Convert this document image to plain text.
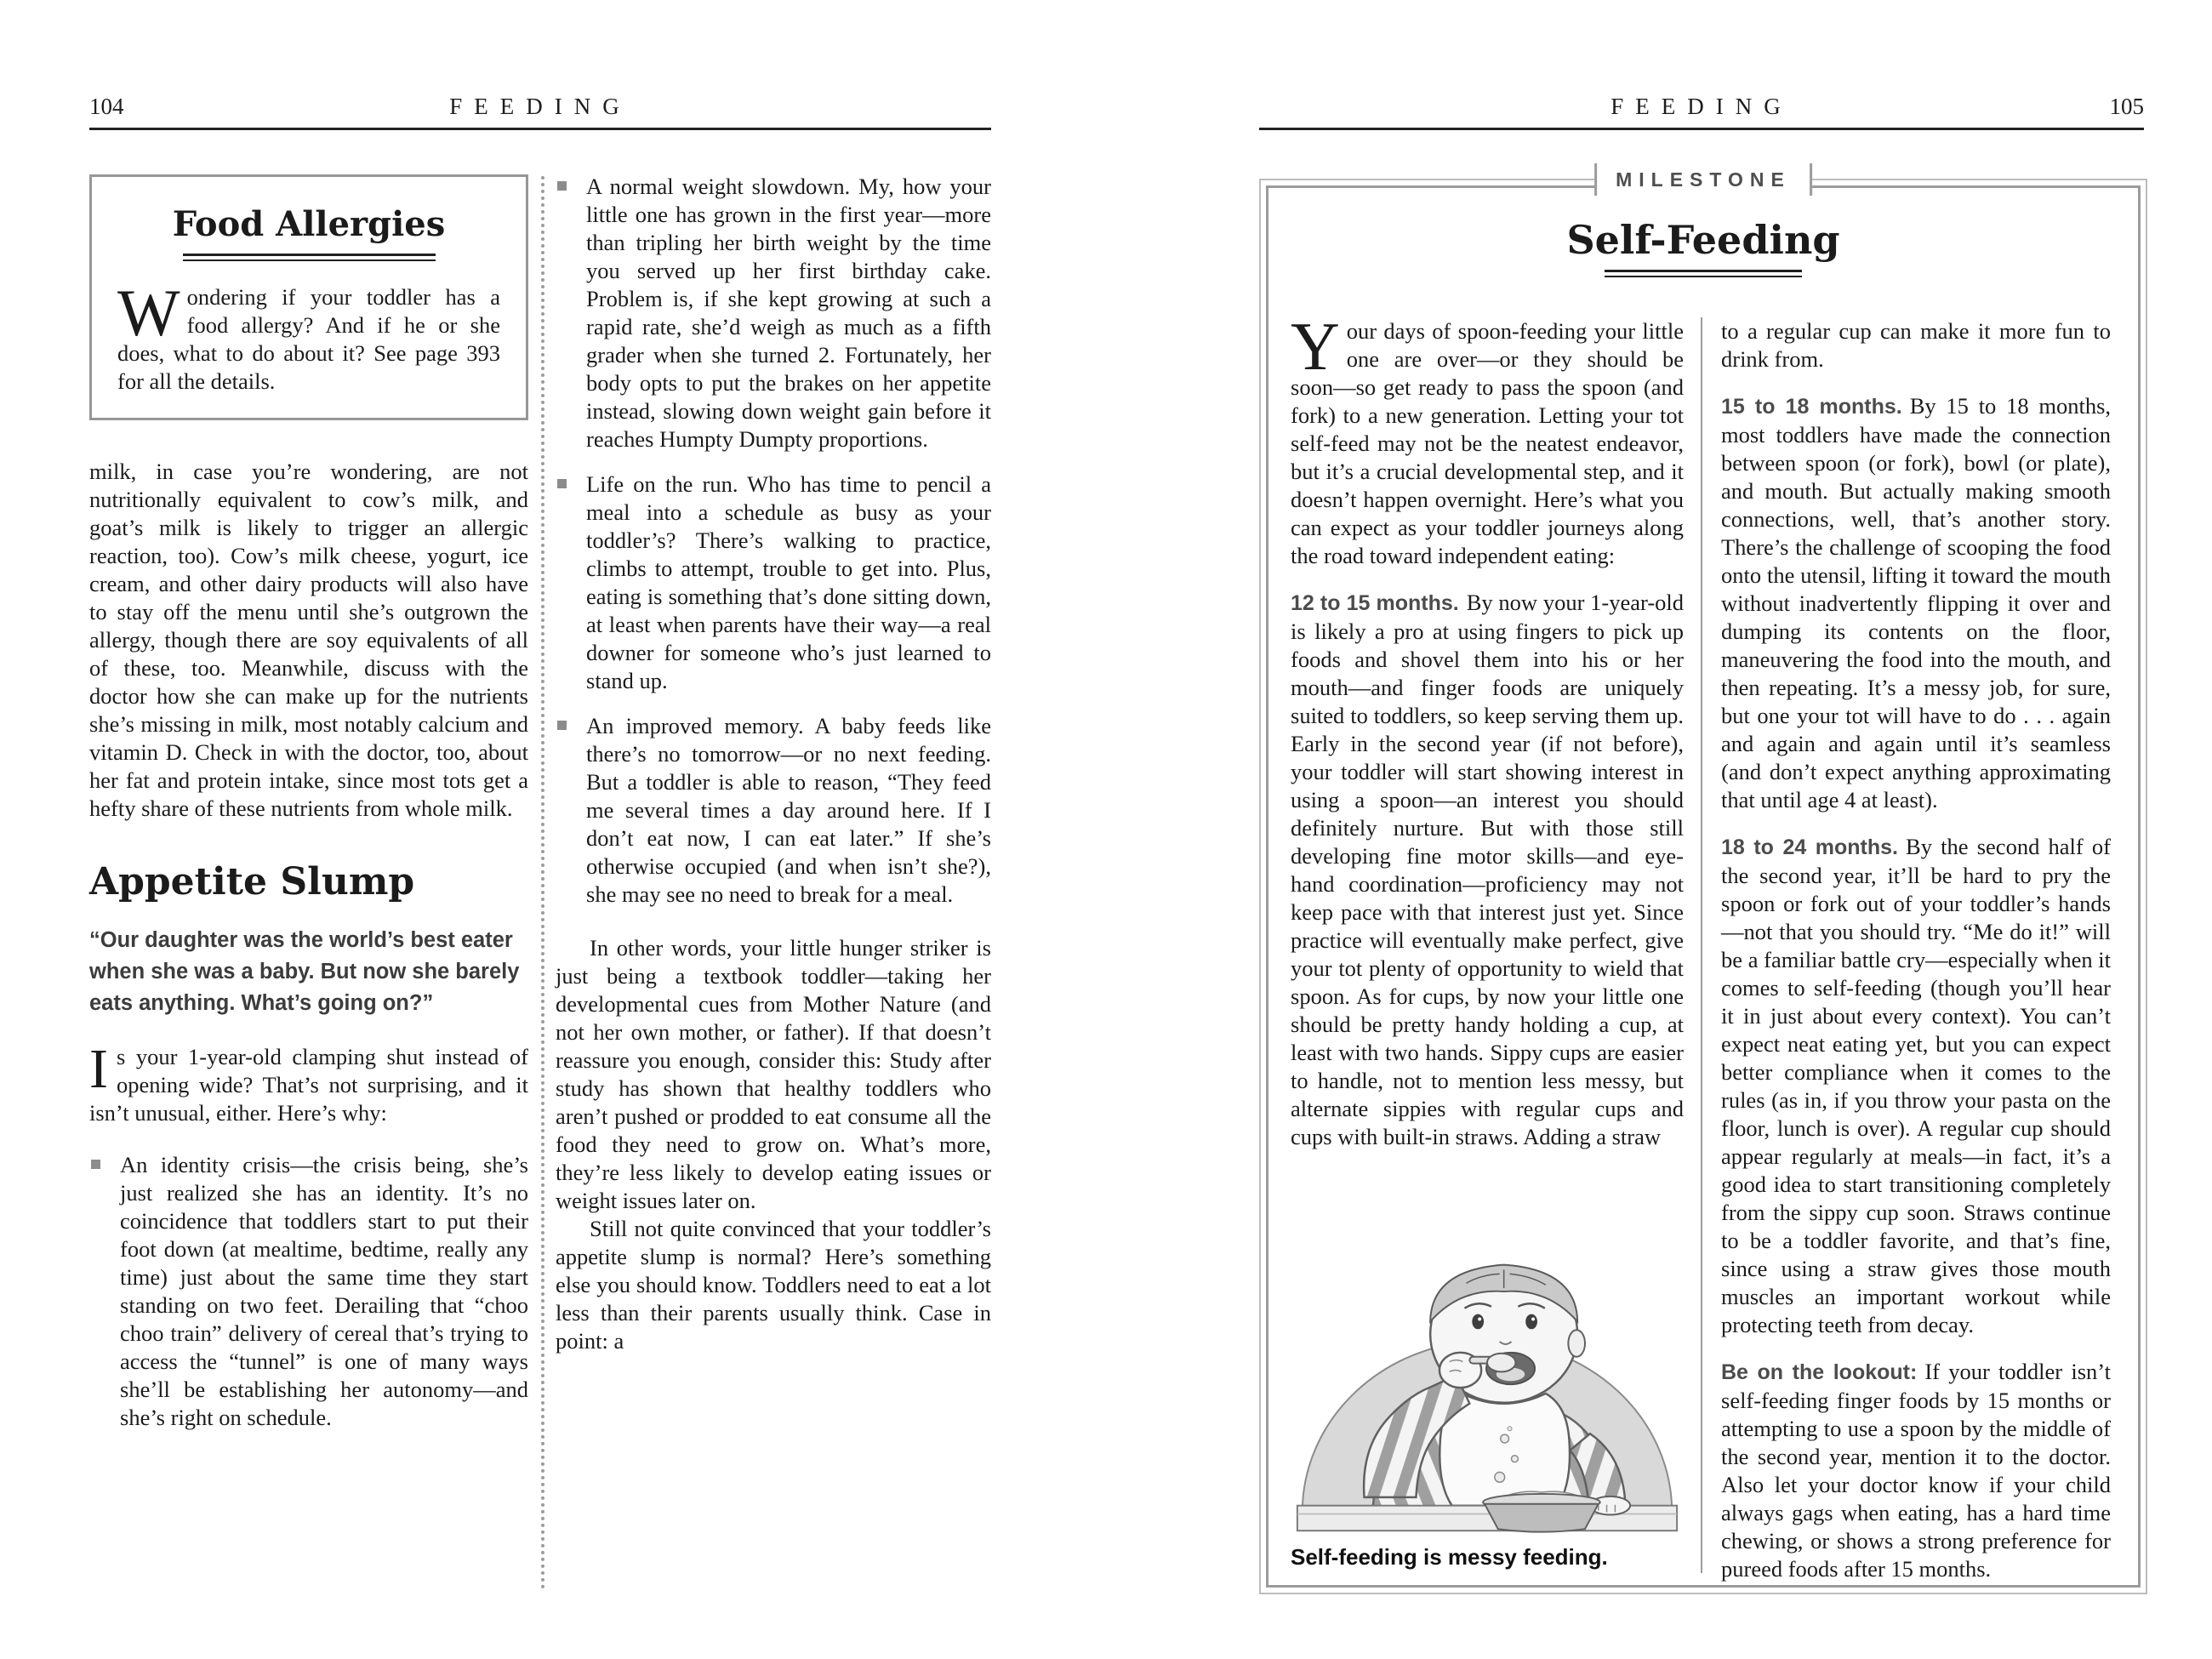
104	FEEDING
Food Allergies

Wondering if your toddler has a food allergy? And if he or she does, what to do about it? See page 393 for all the details.

milk, in case you’re wondering, are not nutritionally equivalent to cow’s milk, and goat’s milk is likely to trigger an allergic reaction, too). Cow’s milk cheese, yogurt, ice cream, and other dairy products will also have to stay off the menu until she’s outgrown the allergy, though there are soy equivalents of all of these, too. Meanwhile, discuss with the doctor how she can make up for the nutrients she’s missing in milk, most notably calcium and vitamin D. Check in with the doctor, too, about her fat and protein intake, since most tots get a hefty share of these nutrients from whole milk.

Appetite Slump

“Our daughter was the world’s best eater when she was a baby. But now she barely eats anything. What’s going on?”

Is your 1-year-old clamping shut instead of opening wide? That’s not surprising, and it isn’t unusual, either. Here’s why:

An identity crisis—the crisis being, she’s just realized she has an identity. It’s no coincidence that toddlers start to put their foot down (at mealtime, bedtime, really any time) just about the same time they start standing on two feet. Derailing that “choo choo train” delivery of cereal that’s trying to access the “tunnel” is one of many ways she’ll be establishing her autonomy—and she’s right on schedule.

A normal weight slowdown. My, how your little one has grown in the first year—more than tripling her birth weight by the time you served up her first birthday cake. Problem is, if she kept growing at such a rapid rate, she’d weigh as much as a fifth grader when she turned 2. Fortunately, her body opts to put the brakes on her appetite instead, slowing down weight gain before it reaches Humpty Dumpty proportions.

Life on the run. Who has time to pencil a meal into a schedule as busy as your toddler’s? There’s walking to practice, climbs to attempt, trouble to get into. Plus, eating is something that’s done sitting down, at least when parents have their way—a real downer for someone who’s just learned to stand up.

An improved memory. A baby feeds like there’s no tomorrow—or no next feeding. But a toddler is able to reason, “They feed me several times a day around here. If I don’t eat now, I can eat later.” If she’s otherwise occupied (and when isn’t she?), she may see no need to break for a meal.

In other words, your little hunger striker is just being a textbook toddler—taking her developmental cues from Mother Nature (and not her own mother, or father). If that doesn’t reassure you enough, consider this: Study after study has shown that healthy toddlers who aren’t pushed or prodded to eat consume all the food they need to grow on. What’s more, they’re less likely to develop eating issues or weight issues later on.

Still not quite convinced that your toddler’s appetite slump is normal? Here’s something else you should know. Toddlers need to eat a lot less than their parents usually think. Case in point: a

FEEDING	105
MILESTONE
Self-Feeding

Your days of spoon-feeding your little one are over—or they should be soon—so get ready to pass the spoon (and fork) to a new generation. Letting your tot self-feed may not be the neatest endeavor, but it’s a crucial developmental step, and it doesn’t happen overnight. Here’s what you can expect as your toddler journeys along the road toward independent eating:

12 to 15 months. By now your 1-year-old is likely a pro at using fingers to pick up foods and shovel them into his or her mouth—and finger foods are uniquely suited to toddlers, so keep serving them up. Early in the second year (if not before), your toddler will start showing interest in using a spoon—an interest you should definitely nurture. But with those still developing fine motor skills—and eye-hand coordination—proficiency may not keep pace with that interest just yet. Since practice will eventually make perfect, give your tot plenty of opportunity to wield that spoon. As for cups, by now your little one should be pretty handy holding a cup, at least with two hands. Sippy cups are easier to handle, not to mention less messy, but alternate sippies with regular cups and cups with built-in straws. Adding a straw

Self-feeding is messy feeding.

to a regular cup can make it more fun to drink from.

15 to 18 months. By 15 to 18 months, most toddlers have made the connection between spoon (or fork), bowl (or plate), and mouth. But actually making smooth connections, well, that’s another story. There’s the challenge of scooping the food onto the utensil, lifting it toward the mouth without inadvertently flipping it over and dumping its contents on the floor, maneuvering the food into the mouth, and then repeating. It’s a messy job, for sure, but one your tot will have to do . . . again and again and again until it’s seamless (and don’t expect anything approximating that until age 4 at least).

18 to 24 months. By the second half of the second year, it’ll be hard to pry the spoon or fork out of your toddler’s hands—not that you should try. “Me do it!” will be a familiar battle cry—especially when it comes to self-feeding (though you’ll hear it in just about every context). You can’t expect neat eating yet, but you can expect better compliance when it comes to the rules (as in, if you throw your pasta on the floor, lunch is over). A regular cup should appear regularly at meals—in fact, it’s a good idea to start transitioning completely from the sippy cup soon. Straws continue to be a toddler favorite, and that’s fine, since using a straw gives those mouth muscles an important workout while protecting teeth from decay.

Be on the lookout: If your toddler isn’t self-feeding finger foods by 15 months or attempting to use a spoon by the middle of the second year, mention it to the doctor. Also let your doctor know if your child always gags when eating, has a hard time chewing, or shows a strong preference for pureed foods after 15 months.
